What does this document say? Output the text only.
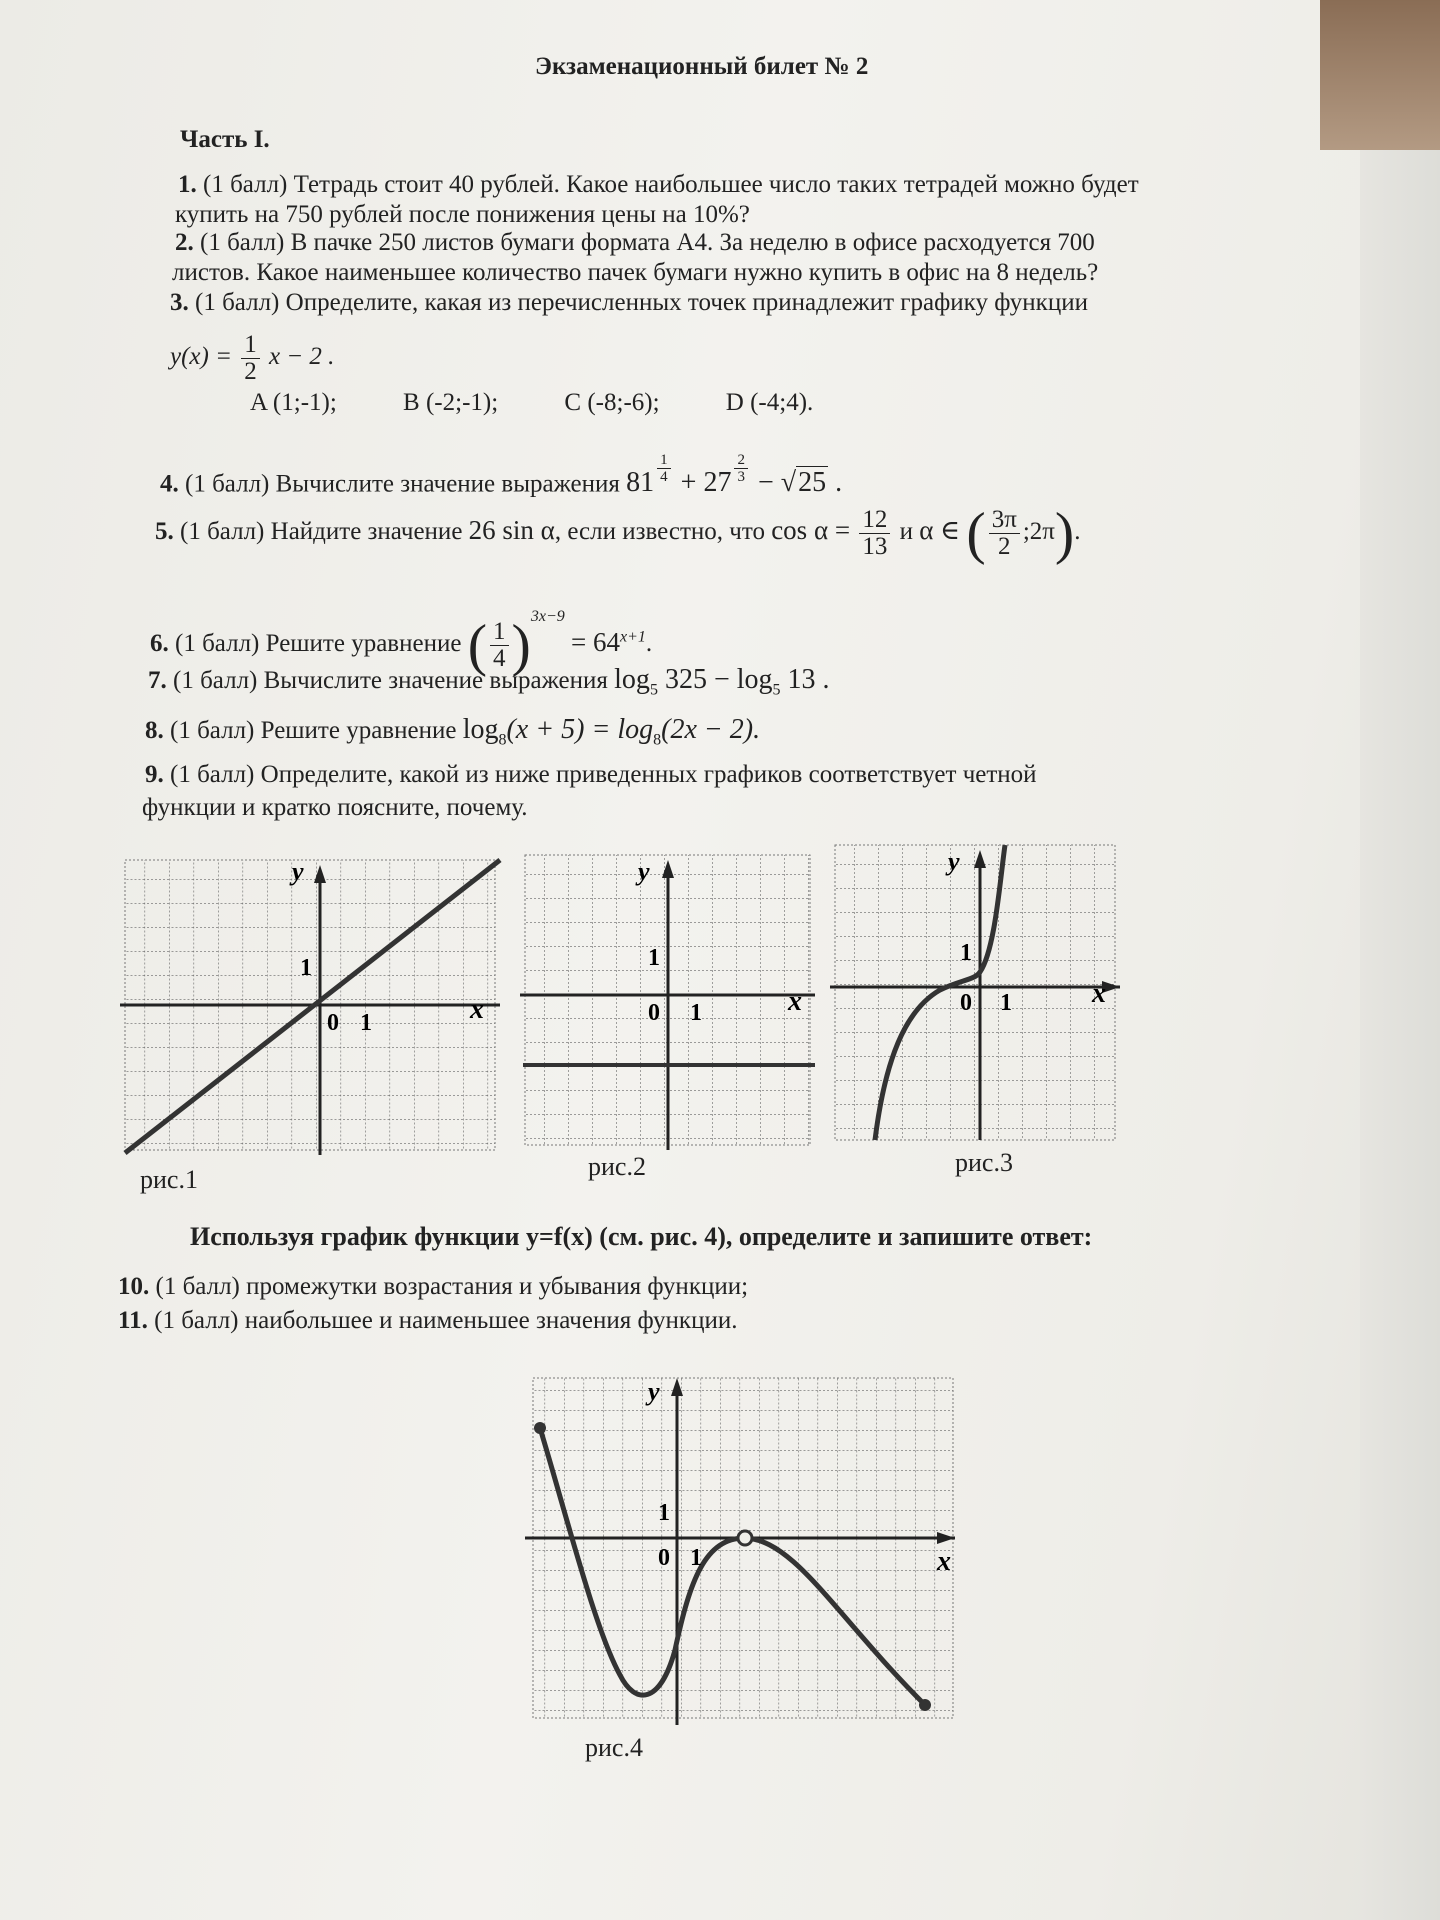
Экзаменационный билет № 2
Часть I.
1. (1 балл) Тетрадь стоит 40 рублей. Какое наибольшее число таких тетрадей можно будет
купить на 750 рублей после понижения цены на 10%?
2. (1 балл) В пачке 250 листов бумаги формата А4. За неделю в офисе расходуется 700
листов. Какое наименьшее количество пачек бумаги нужно купить в офис на 8 недель?
3. (1 балл) Определите, какая из перечисленных точек принадлежит графику функции
$y(x) = \frac{1}{2}$ x − 2 .
A (1;-1);	B (-2;-1);	C (-8;-6);	D (-4;4).
4. (1 балл) Вычислите значение выражения $81 \frac{1}{4} + 27 \frac{2}{3} - √25$ .
5. (1 балл) Найдите значение 26 sin α, если известно, что $\cos \alpha = \frac{12}{13}$ и α ∈ ( $\frac{3\pi}{2}$ ;2π).
6. (1 балл) Решите уравнение ( $\frac{1}{4} )^{3x-9} = 64^{x+1}$.
7. (1 балл) Вычислите значение выражения $\log_5 325 - \log_5 13$ .
8. (1 балл) Решите уравнение $\log_8(x + 5) = \log_8(2x - 2)$.
9. (1 балл) Определите, какой из ниже приведенных графиков соответствует четной
функции и кратко поясните, почему.
y
x
0 1
1
рис.1
y
x
0 1
1
рис.2
y
x
0 1
1
рис.3
Используя график функции y=f(x) (см. рис. 4), определите и запишите ответ:
10. (1 балл) промежутки возрастания и убывания функции;
11. (1 балл) наибольшее и наименьшее значения функции.
y
x
0 1
1
рис.4
